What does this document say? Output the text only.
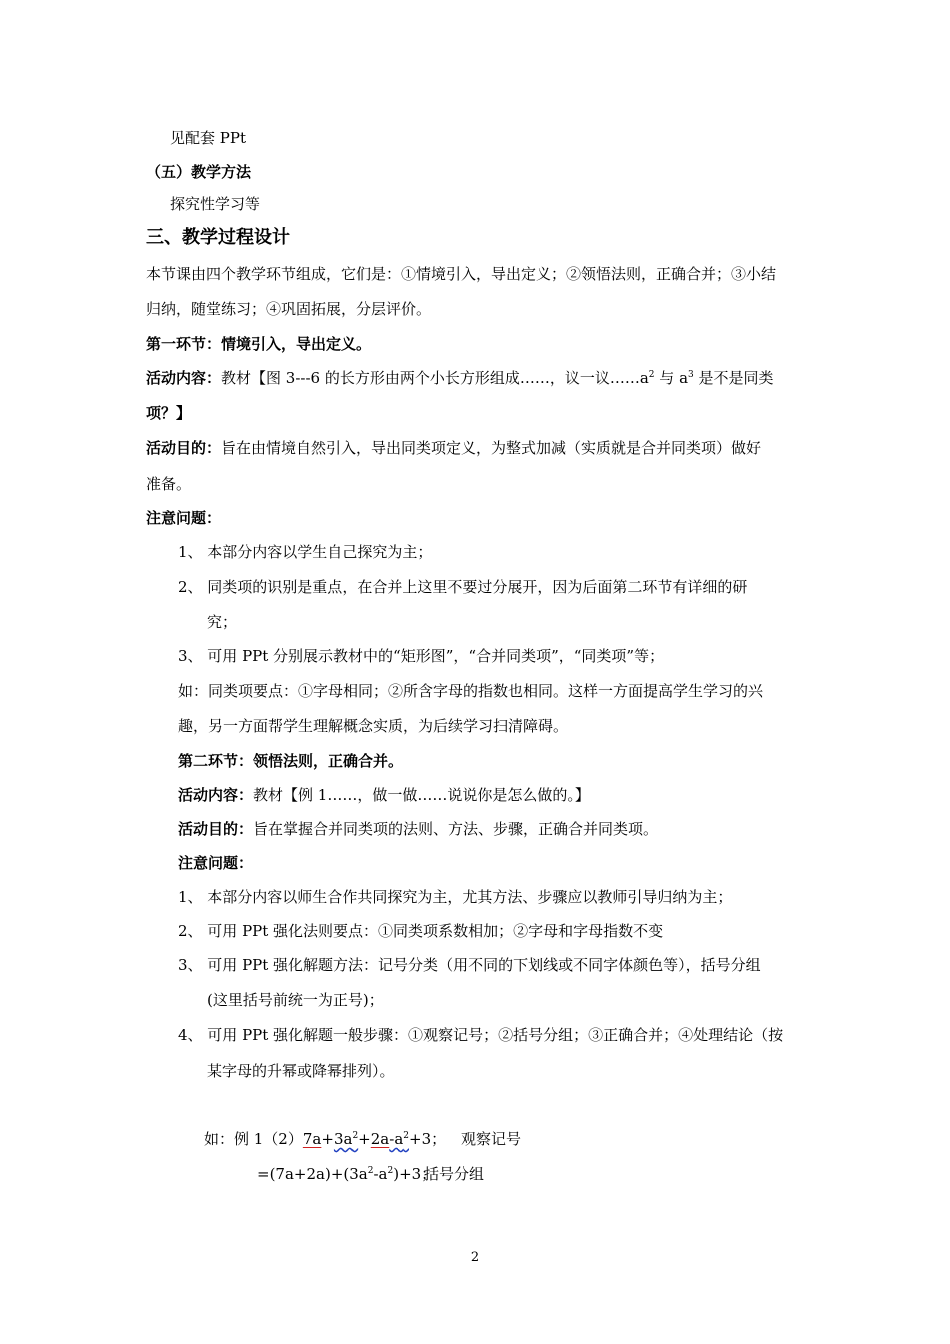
见配套 PPt
（五）教学方法
探究性学习等
三、教学过程设计
本节课由四个教学环节组成，它们是：①情境引入，导出定义；②领悟法则，正确合并；③小结
归纳，随堂练习；④巩固拓展，分层评价。
第一环节：情境引入，导出定义。
活动内容：教材【图 3---6 的长方形由两个小长方形组成……，议一议$\dots\dots a^2$ 与 $a^3$ 是不是同类
项？】
活动目的：旨在由情境自然引入，导出同类项定义，为整式加减（实质就是合并同类项）做好
准备。
注意问题：
1、 本部分内容以学生自己探究为主；
2、 同类项的识别是重点，在合并上这里不要过分展开，因为后面第二环节有详细的研
究；
3、 可用 PPt 分别展示教材中的“矩形图”，“合并同类项”，“同类项”等；
如：同类项要点：①字母相同；②所含字母的指数也相同。这样一方面提高学生学习的兴
趣，另一方面帮学生理解概念实质，为后续学习扫清障碍。
第二环节：领悟法则，正确合并。
活动内容：教材【例 1……，做一做……说说你是怎么做的。】
活动目的：旨在掌握合并同类项的法则、方法、步骤，正确合并同类项。
注意问题：
1、 本部分内容以师生合作共同探究为主，尤其方法、步骤应以教师引导归纳为主；
2、 可用 PPt 强化法则要点：①同类项系数相加；②字母和字母指数不变
3、 可用 PPt 强化解题方法：记号分类（用不同的下划线或不同字体颜色等），括号分组
(这里括号前统一为正号)；
4、 可用 PPt 强化解题一般步骤：①观察记号；②括号分组；③正确合并；④处理结论（按
某字母的升幂或降幂排列）。
如：例 $1(2)7a+3a^2+2a-a^2+3$； 观察记号
$=(7a+2a)+(3a^2-a^2)+3$；
括号分组
2
